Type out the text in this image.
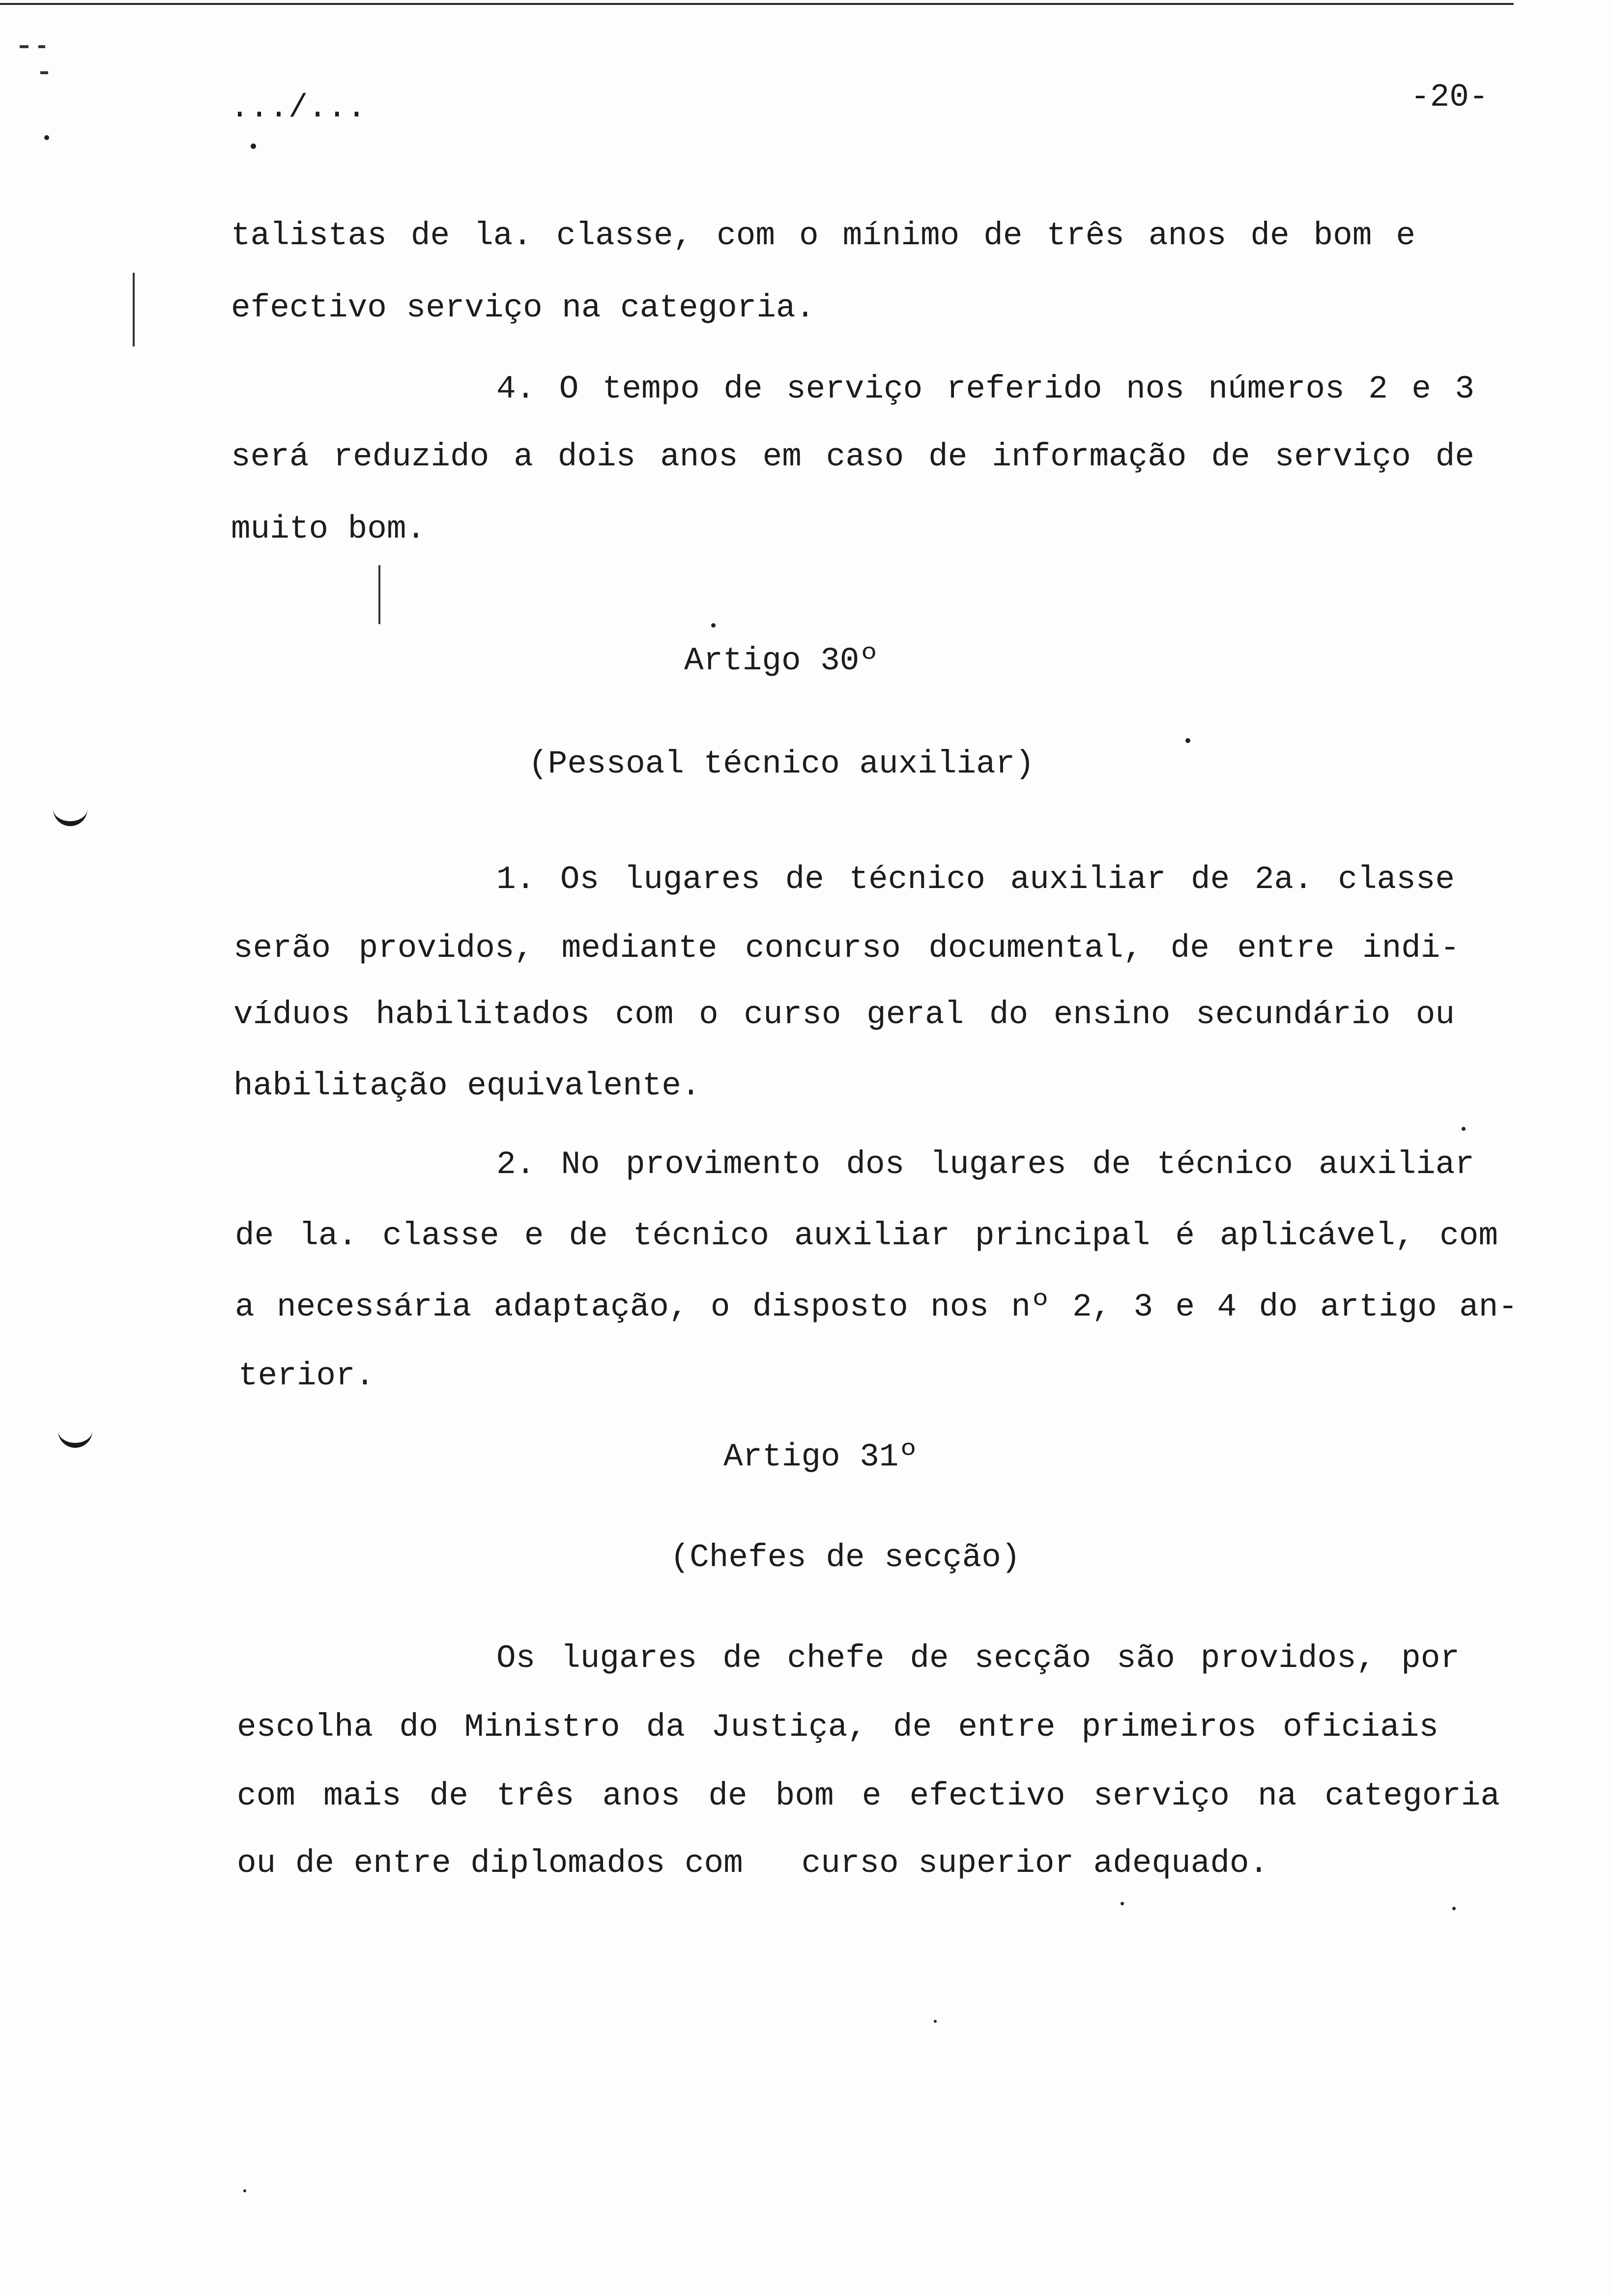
.../...	-20-
talistas de la. classe, com o mínimo de três anos de bom e
efectivo serviço na categoria.
4. O tempo de serviço referido nos números 2 e 3
será reduzido a dois anos em caso de informação de serviço de
muito bom.
Artigo 30º
(Pessoal técnico auxiliar)
1. Os lugares de técnico auxiliar de 2a. classe
serão providos, mediante concurso documental, de entre indi-
víduos habilitados com o curso geral do ensino secundário ou
habilitação equivalente.
2. No provimento dos lugares de técnico auxiliar
de la. classe e de técnico auxiliar principal é aplicável, com
a necessária adaptação, o disposto nos nº 2, 3 e 4 do artigo an-
terior.
Artigo 31º
(Chefes de secção)
Os lugares de chefe de secção são providos, por
escolha do Ministro da Justiça, de entre primeiros oficiais
com mais de três anos de bom e efectivo serviço na categoria
ou de entre diplomados com   curso superior adequado.
